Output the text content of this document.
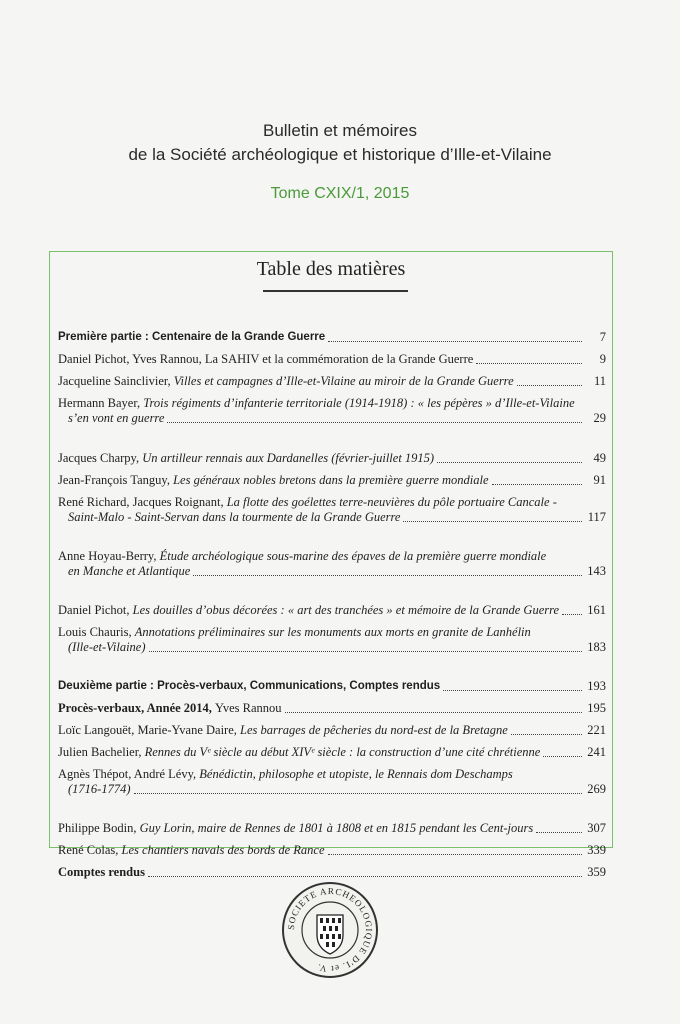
Bulletin et mémoires
de la Société archéologique et historique d’Ille-et-Vilaine
Tome CXIX/1, 2015
Table des matières
Première partie : Centenaire de la Grande Guerre	7
Daniel Pichot, Yves Rannou, La SAHIV et la commémoration de la Grande Guerre	9
Jacqueline Sainclivier, Villes et campagnes d’Ille-et-Vilaine au miroir de la Grande Guerre	11
Hermann Bayer, Trois régiments d’infanterie territoriale (1914-1918) : « les pépères » d’Ille-et-Vilaine
s’en vont en guerre	29
Jacques Charpy, Un artilleur rennais aux Dardanelles (février-juillet 1915)	49
Jean-François Tanguy, Les généraux nobles bretons dans la première guerre mondiale	91
René Richard, Jacques Roignant, La flotte des goélettes terre-neuvières du pôle portuaire Cancale -
Saint-Malo - Saint-Servan dans la tourmente de la Grande Guerre	117
Anne Hoyau-Berry, Étude archéologique sous-marine des épaves de la première guerre mondiale
en Manche et Atlantique	143
Daniel Pichot, Les douilles d’obus décorées : « art des tranchées » et mémoire de la Grande Guerre 161
Louis Chauris, Annotations préliminaires sur les monuments aux morts en granite de Lanhélin
(Ille-et-Vilaine)	183
Deuxième partie : Procès-verbaux, Communications, Comptes rendus	193
Procès-verbaux, Année 2014, Yves Rannou	195
Loïc Langouët, Marie-Yvane Daire, Les barrages de pêcheries du nord-est de la Bretagne	221
Julien Bachelier, Rennes du Vᵉ siècle au début XIVᵉ siècle : la construction d’une cité chrétienne	241
Agnès Thépot, André Lévy, Bénédictin, philosophe et utopiste, le Rennais dom Deschamps
(1716-1774)	269
Philippe Bodin, Guy Lorin, maire de Rennes de 1801 à 1808 et en 1815 pendant les Cent-jours	307
René Colas, Les chantiers navals des bords de Rance	339
Comptes rendus	359
SOCIETE ARCHEOLOGIQUE D'I. et V.
